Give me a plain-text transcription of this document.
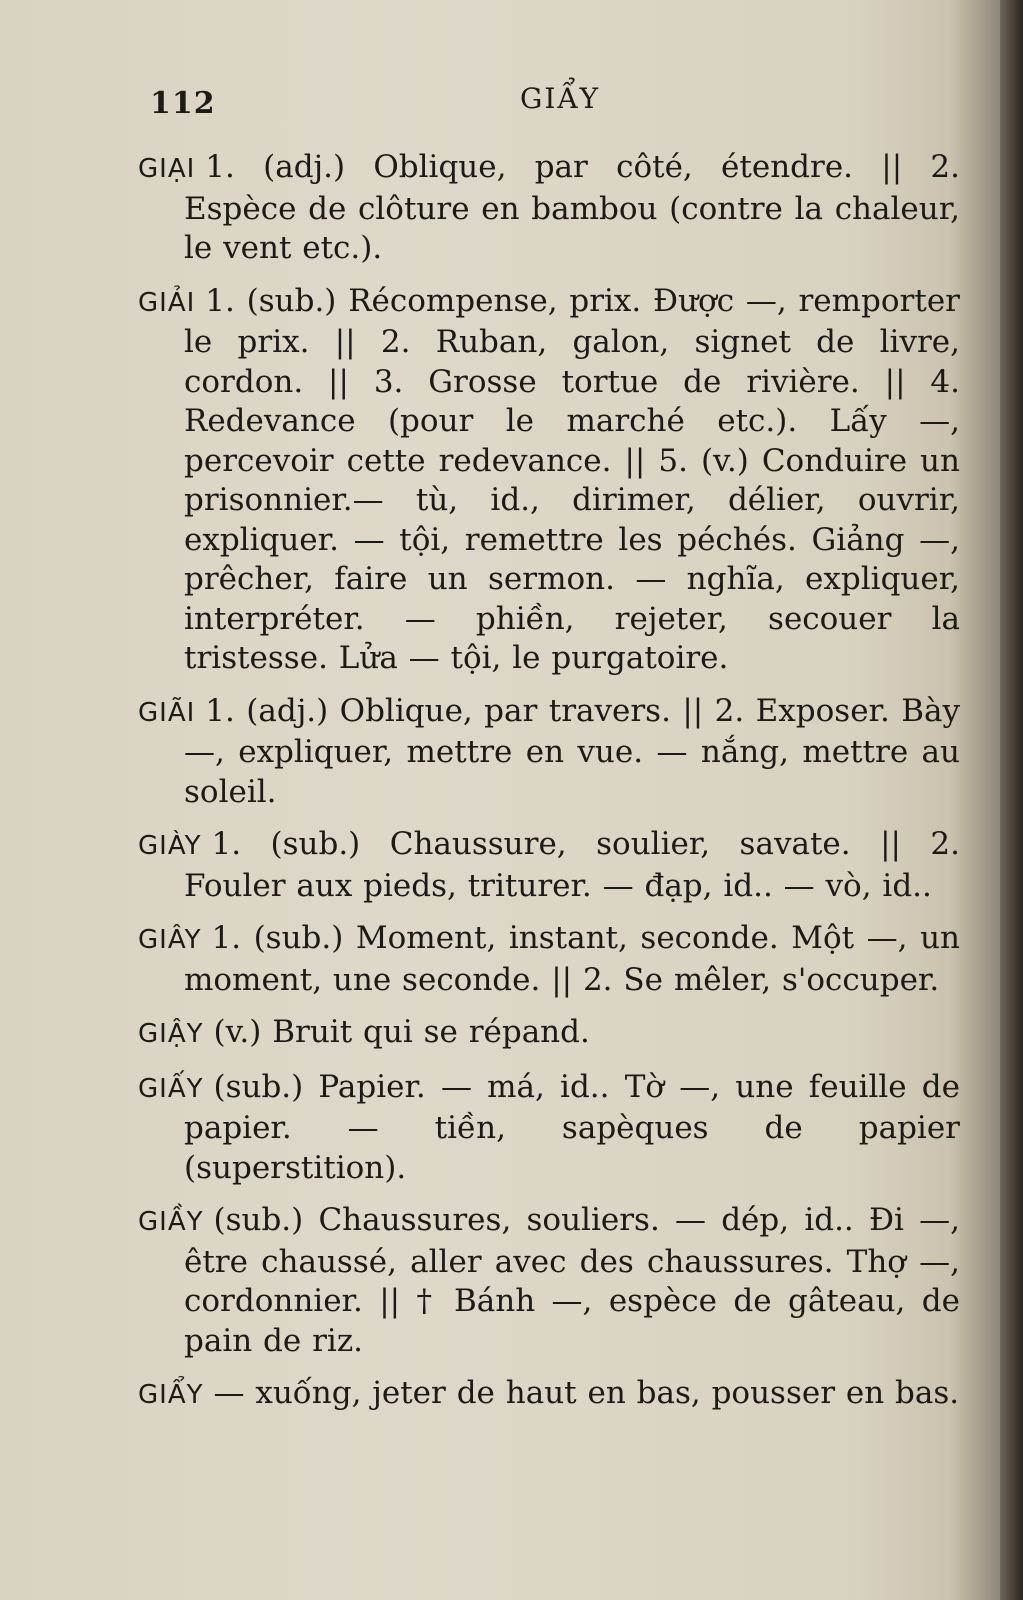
112	GIẨY

GIẠI 1. (adj.) Oblique, par côté, étendre. || 2. Espèce de clôture en bambou (contre la chaleur, le vent etc.).

GIẢI 1. (sub.) Récompense, prix. Được —, remporter le prix. || 2. Ruban, galon, signet de livre, cordon. || 3. Grosse tortue de rivière. || 4. Redevance (pour le marché etc.). Lấy —, percevoir cette redevance. || 5. (v.) Conduire un prisonnier.— tù, id., dirimer, délier, ouvrir, expliquer. — tội, remettre les péchés. Giảng —, prêcher, faire un sermon. — nghĩa, expliquer, interpréter. — phiền, rejeter, secouer la tristesse. Lửa — tội, le purgatoire.

GIÃI 1. (adj.) Oblique, par travers. || 2. Exposer. Bày —, expliquer, mettre en vue. — nắng, mettre au soleil.

GIÀY 1. (sub.) Chaussure, soulier, savate. || 2. Fouler aux pieds, triturer. — đạp, id.. — vò, id..

GIÂY 1. (sub.) Moment, instant, seconde. Một —, un moment, une seconde. || 2. Se mêler, s'occuper.

GIẬY (v.) Bruit qui se répand.

GIẤY (sub.) Papier. — má, id.. Tờ —, une feuille de papier. — tiền, sapèques de papier (superstition).

GIẦY (sub.) Chaussures, souliers. — dép, id.. Đi —, être chaussé, aller avec des chaussures. Thợ —, cordonnier. || † Bánh —, espèce de gâteau, de pain de riz.

GIẨY — xuống, jeter de haut en bas, pousser en bas.
